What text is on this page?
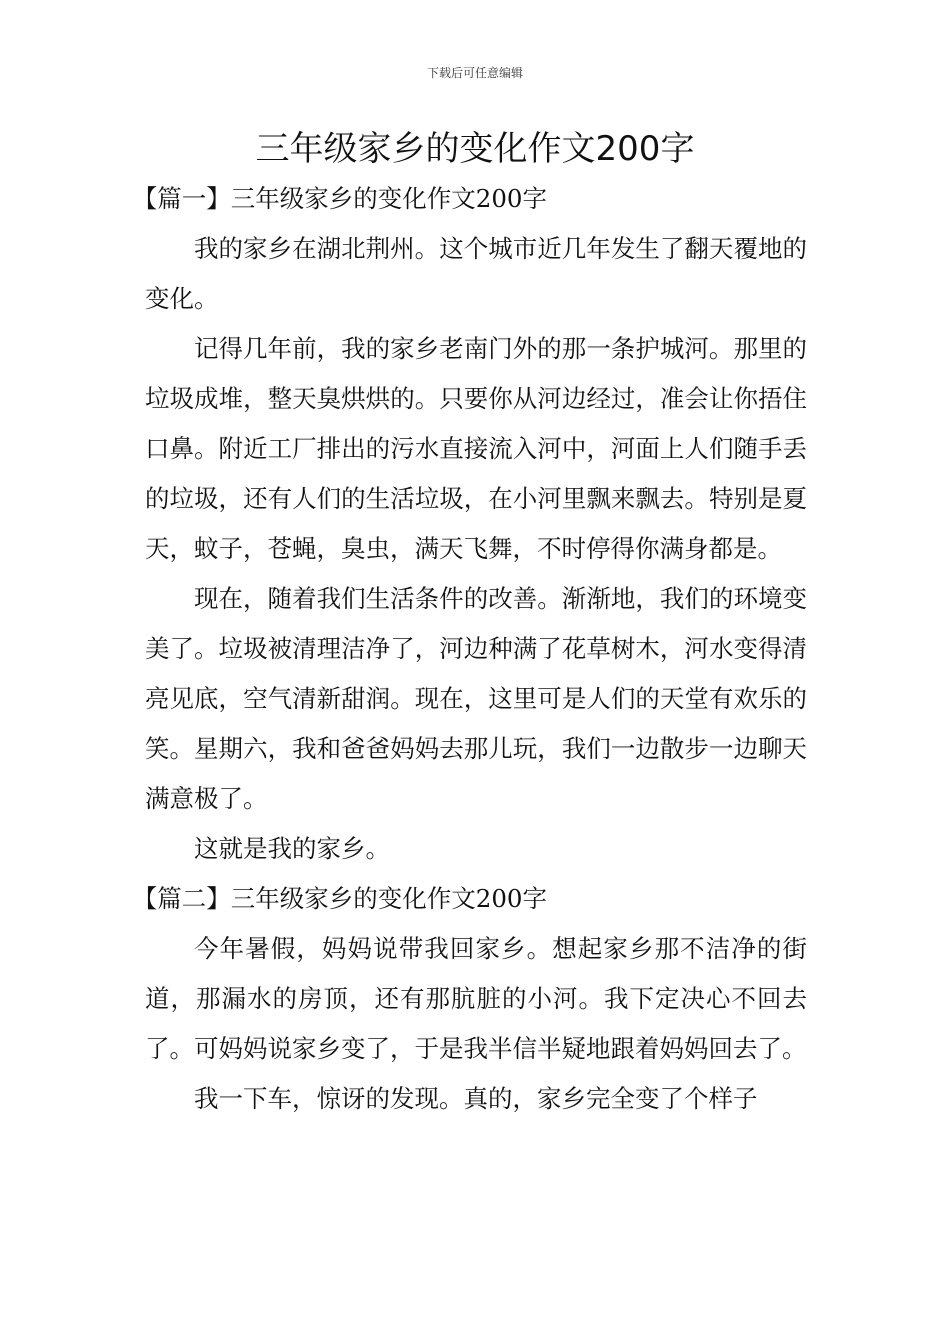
下载后可任意编辑
三年级家乡的变化作文200字
【篇一】三年级家乡的变化作文200字

我的家乡在湖北荆州。这个城市近几年发生了翻天覆地的变化。

记得几年前，我的家乡老南门外的那一条护城河。那里的垃圾成堆，整天臭烘烘的。只要你从河边经过，准会让你捂住口鼻。附近工厂排出的污水直接流入河中，河面上人们随手丢的垃圾，还有人们的生活垃圾，在小河里飘来飘去。特别是夏天，蚊子，苍蝇，臭虫，满天飞舞，不时停得你满身都是。

现在，随着我们生活条件的改善。渐渐地，我们的环境变美了。垃圾被清理洁净了，河边种满了花草树木，河水变得清亮见底，空气清新甜润。现在，这里可是人们的天堂有欢乐的笑。星期六，我和爸爸妈妈去那儿玩，我们一边散步一边聊天满意极了。

这就是我的家乡。

【篇二】三年级家乡的变化作文200字

今年暑假，妈妈说带我回家乡。想起家乡那不洁净的街道，那漏水的房顶，还有那肮脏的小河。我下定决心不回去了。可妈妈说家乡变了，于是我半信半疑地跟着妈妈回去了。

我一下车，惊讶的发现。真的，家乡完全变了个样子
